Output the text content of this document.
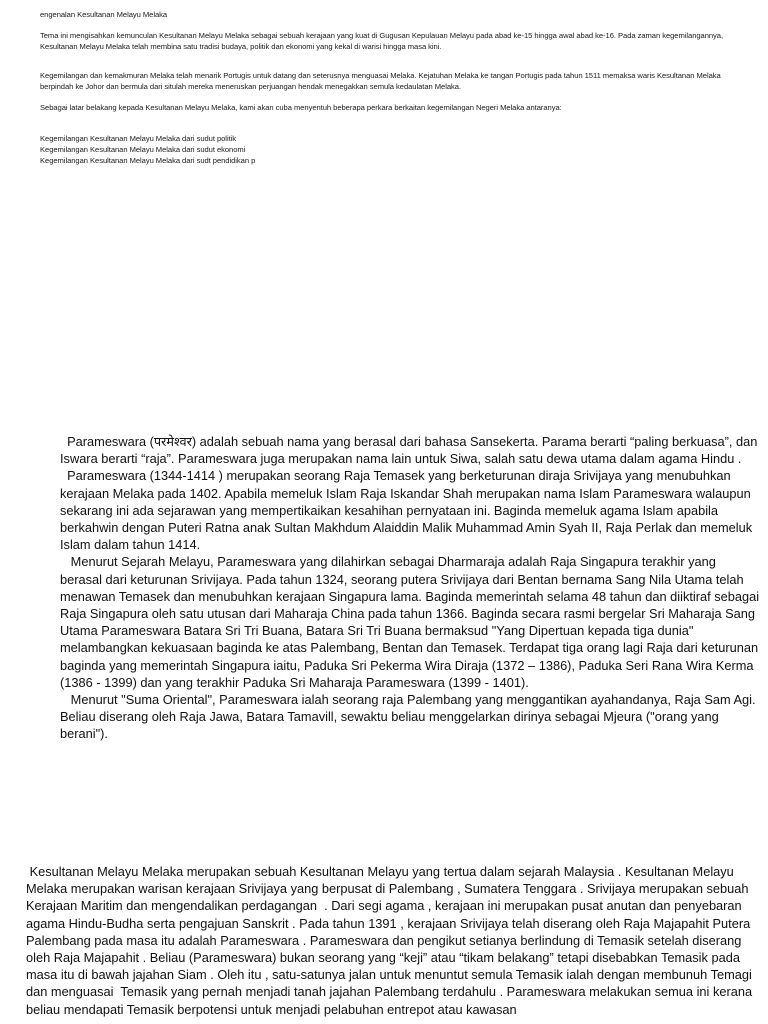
engenalan Kesultanan Melayu Melaka

Tema ini mengisahkan kemunculan Kesultanan Melayu Melaka sebagai sebuah kerajaan yang kuat di Gugusan Kepulauan Melayu pada abad ke-15 hingga awal abad ke-16. Pada zaman kegemilangannya, Kesultanan Melayu Melaka telah membina satu tradisi budaya, politik dan ekonomi yang kekal di warisi hingga masa kini.

Kegemilangan dan kemakmuran Melaka telah menarik Portugis untuk datang dan seterusnya menguasai Melaka. Kejatuhan Melaka ke tangan Portugis pada tahun 1511 memaksa waris Kesultanan Melaka berpindah ke Johor dan bermula dari situlah mereka meneruskan perjuangan hendak menegakkan semula kedaulatan Melaka.

Sebagai latar belakang kepada Kesultanan Melayu Melaka, kami akan cuba menyentuh beberapa perkara berkaitan kegemilangan Negeri Melaka antaranya:

Kegemilangan Kesultanan Melayu Melaka dari sudut politik

Kegemilangan Kesultanan Melayu Melaka dari sudut ekonomi

Kegemilangan Kesultanan Melayu Melaka dari sudt pendidikan p

Parameswara (परमेश्वर) adalah sebuah nama yang berasal dari bahasa Sansekerta. Parama berarti “paling berkuasa”, dan Iswara berarti “raja”. Parameswara juga merupakan nama lain untuk Siwa, salah satu dewa utama dalam agama Hindu .

Parameswara (1344-1414 ) merupakan seorang Raja Temasek yang berketurunan diraja Srivijaya yang menubuhkan kerajaan Melaka pada 1402. Apabila memeluk Islam Raja Iskandar Shah merupakan nama Islam Parameswara walaupun sekarang ini ada sejarawan yang mempertikaikan kesahihan pernyataan ini. Baginda memeluk agama Islam apabila berkahwin dengan Puteri Ratna anak Sultan Makhdum Alaiddin Malik Muhammad Amin Syah II, Raja Perlak dan memeluk Islam dalam tahun 1414.

Menurut Sejarah Melayu, Parameswara yang dilahirkan sebagai Dharmaraja adalah Raja Singapura terakhir yang berasal dari keturunan Srivijaya. Pada tahun 1324, seorang putera Srivijaya dari Bentan bernama Sang Nila Utama telah menawan Temasek dan menubuhkan kerajaan Singapura lama. Baginda memerintah selama 48 tahun dan diiktiraf sebagai Raja Singapura oleh satu utusan dari Maharaja China pada tahun 1366. Baginda secara rasmi bergelar Sri Maharaja Sang Utama Parameswara Batara Sri Tri Buana, Batara Sri Tri Buana bermaksud "Yang Dipertuan kepada tiga dunia" melambangkan kekuasaan baginda ke atas Palembang, Bentan dan Temasek. Terdapat tiga orang lagi Raja dari keturunan baginda yang memerintah Singapura iaitu, Paduka Sri Pekerma Wira Diraja (1372 – 1386), Paduka Seri Rana Wira Kerma (1386 - 1399) dan yang terakhir Paduka Sri Maharaja Parameswara (1399 - 1401).

Menurut "Suma Oriental", Parameswara ialah seorang raja Palembang yang menggantikan ayahandanya, Raja Sam Agi. Beliau diserang oleh Raja Jawa, Batara Tamavill, sewaktu beliau menggelarkan dirinya sebagai Mjeura ("orang yang berani").

Kesultanan Melayu Melaka merupakan sebuah Kesultanan Melayu yang tertua dalam sejarah Malaysia . Kesultanan Melayu Melaka merupakan warisan kerajaan Srivijaya yang berpusat di Palembang , Sumatera Tenggara . Srivijaya merupakan sebuah Kerajaan Maritim dan mengendalikan perdagangan  . Dari segi agama , kerajaan ini merupakan pusat anutan dan penyebaran agama Hindu-Budha serta pengajuan Sanskrit . Pada tahun 1391 , kerajaan Srivijaya telah diserang oleh Raja Majapahit Putera Palembang pada masa itu adalah Parameswara . Parameswara dan pengikut setianya berlindung di Temasik setelah diserang oleh Raja Majapahit . Beliau (Parameswara) bukan seorang yang “keji” atau “tikam belakang” tetapi disebabkan Temasik pada masa itu di bawah jajahan Siam . Oleh itu , satu-satunya jalan untuk menuntut semula Temasik ialah dengan membunuh Temagi dan menguasai  Temasik yang pernah menjadi tanah jajahan Palembang terdahulu . Parameswara melakukan semua ini kerana beliau mendapati Temasik berpotensi untuk menjadi pelabuhan entrepot atau kawasan
